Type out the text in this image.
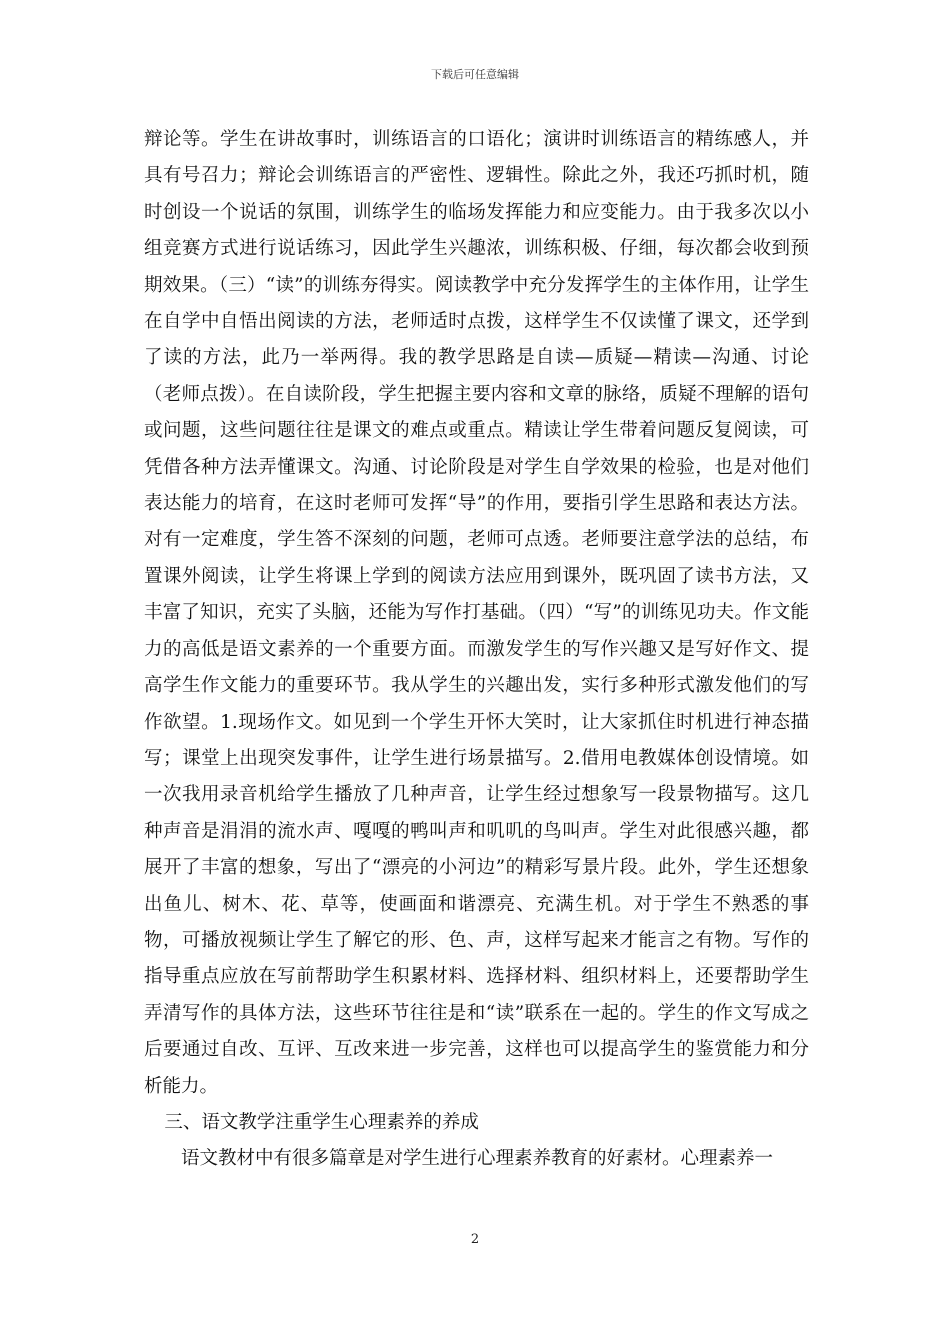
下载后可任意编辑

辩论等。学生在讲故事时，训练语言的口语化；演讲时训练语言的精练感人，并具有号召力；辩论会训练语言的严密性、逻辑性。除此之外，我还巧抓时机，随时创设一个说话的氛围，训练学生的临场发挥能力和应变能力。由于我多次以小组竞赛方式进行说话练习，因此学生兴趣浓，训练积极、仔细，每次都会收到预期效果。（三）“读”的训练夯得实。阅读教学中充分发挥学生的主体作用，让学生在自学中自悟出阅读的方法，老师适时点拨，这样学生不仅读懂了课文，还学到了读的方法，此乃一举两得。我的教学思路是自读—质疑—精读—沟通、讨论（老师点拨）。在自读阶段，学生把握主要内容和文章的脉络，质疑不理解的语句或问题，这些问题往往是课文的难点或重点。精读让学生带着问题反复阅读，可凭借各种方法弄懂课文。沟通、讨论阶段是对学生自学效果的检验，也是对他们表达能力的培育，在这时老师可发挥“导”的作用，要指引学生思路和表达方法。对有一定难度，学生答不深刻的问题，老师可点透。老师要注意学法的总结，布置课外阅读，让学生将课上学到的阅读方法应用到课外，既巩固了读书方法，又丰富了知识，充实了头脑，还能为写作打基础。（四）“写”的训练见功夫。作文能力的高低是语文素养的一个重要方面。而激发学生的写作兴趣又是写好作文、提高学生作文能力的重要环节。我从学生的兴趣出发，实行多种形式激发他们的写作欲望。1.现场作文。如见到一个学生开怀大笑时，让大家抓住时机进行神态描写；课堂上出现突发事件，让学生进行场景描写。2.借用电教媒体创设情境。如一次我用录音机给学生播放了几种声音，让学生经过想象写一段景物描写。这几种声音是涓涓的流水声、嘎嘎的鸭叫声和叽叽的鸟叫声。学生对此很感兴趣，都展开了丰富的想象，写出了“漂亮的小河边”的精彩写景片段。此外，学生还想象出鱼儿、树木、花、草等，使画面和谐漂亮、充满生机。对于学生不熟悉的事物，可播放视频让学生了解它的形、色、声，这样写起来才能言之有物。写作的指导重点应放在写前帮助学生积累材料、选择材料、组织材料上，还要帮助学生弄清写作的具体方法，这些环节往往是和“读”联系在一起的。学生的作文写成之后要通过自改、互评、互改来进一步完善，这样也可以提高学生的鉴赏能力和分析能力。

三、语文教学注重学生心理素养的养成

语文教材中有很多篇章是对学生进行心理素养教育的好素材。心理素养一

2
